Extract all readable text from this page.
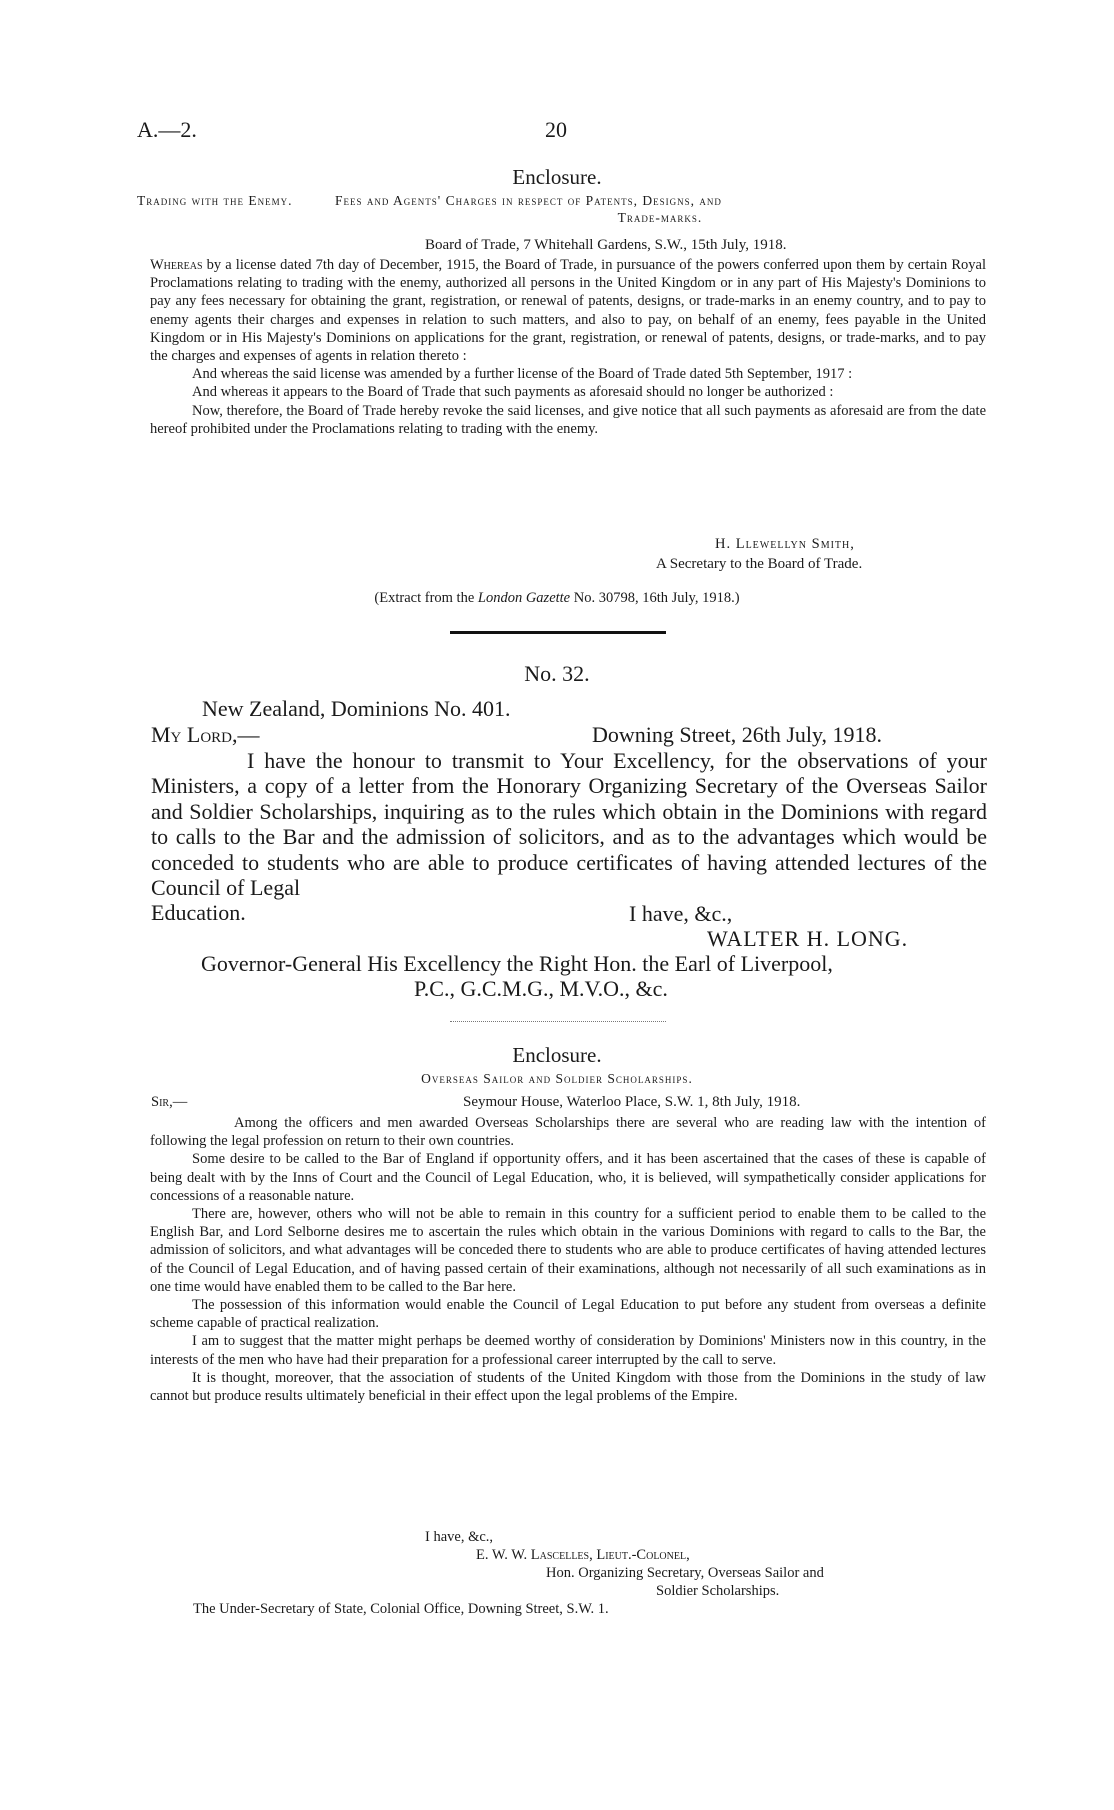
A.—2.	20
Enclosure.
Trading with the Enemy.	Fees and Agents' Charges in respect of Patents, Designs, and
Trade-marks.
Board of Trade, 7 Whitehall Gardens, S.W., 15th July, 1918.

Whereas by a license dated 7th day of December, 1915, the Board of Trade, in pursuance of the powers conferred upon them by certain Royal Proclamations relating to trading with the enemy, authorized all persons in the United Kingdom or in any part of His Majesty's Dominions to pay any fees necessary for obtaining the grant, registration, or renewal of patents, designs, or trade-marks in an enemy country, and to pay to enemy agents their charges and expenses in relation to such matters, and also to pay, on behalf of an enemy, fees payable in the United Kingdom or in His Majesty's Dominions on applications for the grant, registration, or renewal of patents, designs, or trade-marks, and to pay the charges and expenses of agents in relation thereto :

And whereas the said license was amended by a further license of the Board of Trade dated 5th September, 1917 :

And whereas it appears to the Board of Trade that such payments as aforesaid should no longer be authorized :

Now, therefore, the Board of Trade hereby revoke the said licenses, and give notice that all such payments as aforesaid are from the date hereof prohibited under the Proclamations relating to trading with the enemy.

H. Llewellyn Smith,
A Secretary to the Board of Trade.
(Extract from the London Gazette No. 30798, 16th July, 1918.)
No. 32.
New Zealand, Dominions No. 401.
My Lord,—	Downing Street, 26th July, 1918.

I have the honour to transmit to Your Excellency, for the observations of your Ministers, a copy of a letter from the Honorary Organizing Secretary of the Overseas Sailor and Soldier Scholarships, inquiring as to the rules which obtain in the Dominions with regard to calls to the Bar and the admission of solicitors, and as to the advantages which would be conceded to students who are able to produce certificates of having attended lectures of the Council of Legal

Education.	I have, &c.,
WALTER H. LONG.
Governor-General His Excellency the Right Hon. the Earl of Liverpool,
P.C., G.C.M.G., M.V.O., &c.
Enclosure.
Overseas Sailor and Soldier Scholarships.
Sir,—	Seymour House, Waterloo Place, S.W. 1, 8th July, 1918.

Among the officers and men awarded Overseas Scholarships there are several who are reading law with the intention of following the legal profession on return to their own countries.

Some desire to be called to the Bar of England if opportunity offers, and it has been ascertained that the cases of these is capable of being dealt with by the Inns of Court and the Council of Legal Education, who, it is believed, will sympathetically consider applications for concessions of a reasonable nature.

There are, however, others who will not be able to remain in this country for a sufficient period to enable them to be called to the English Bar, and Lord Selborne desires me to ascertain the rules which obtain in the various Dominions with regard to calls to the Bar, the admission of solicitors, and what advantages will be conceded there to students who are able to produce certificates of having attended lectures of the Council of Legal Education, and of having passed certain of their examinations, although not necessarily of all such examinations as in one time would have enabled them to be called to the Bar here.

The possession of this information would enable the Council of Legal Education to put before any student from overseas a definite scheme capable of practical realization.

I am to suggest that the matter might perhaps be deemed worthy of consideration by Dominions' Ministers now in this country, in the interests of the men who have had their preparation for a professional career interrupted by the call to serve.

It is thought, moreover, that the association of students of the United Kingdom with those from the Dominions in the study of law cannot but produce results ultimately beneficial in their effect upon the legal problems of the Empire.

I have, &c.,
E. W. W. Lascelles, Lieut.-Colonel,
Hon. Organizing Secretary, Overseas Sailor and
Soldier Scholarships.
The Under-Secretary of State, Colonial Office, Downing Street, S.W. 1.
